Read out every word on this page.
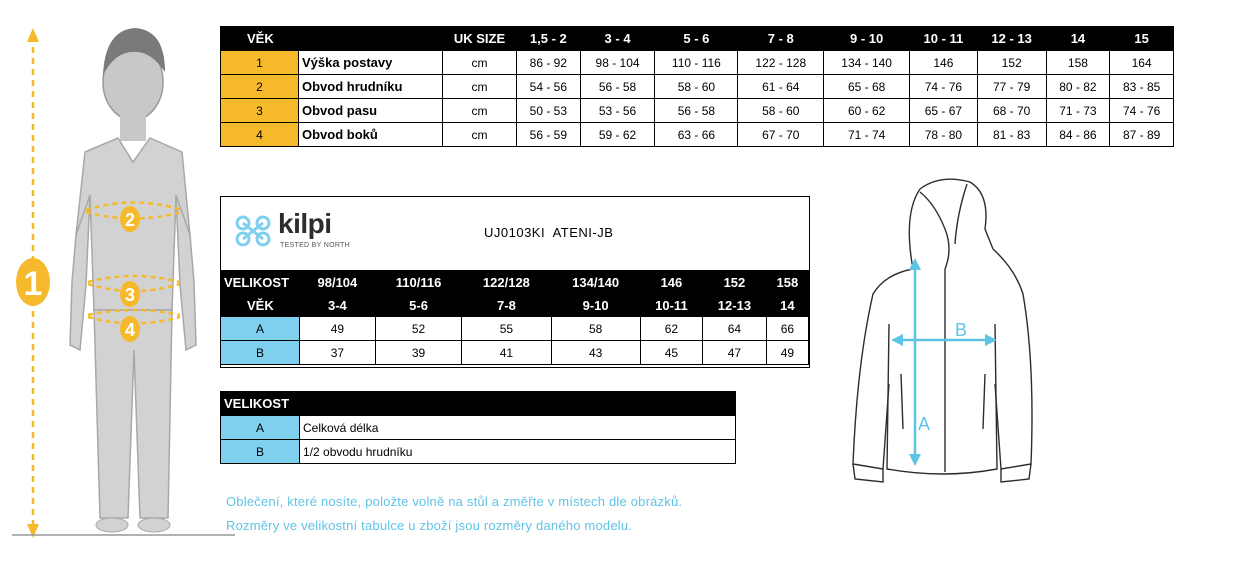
1
2
3
4
VĚK		UK SIZE	1,5 - 2	3 - 4	5 - 6	7 - 8	9 - 10	10 - 11	12 - 13	14	15
1	Výška postavy	cm	86 - 92	98 - 104	110 - 116	122 - 128	134 - 140	146	152	158	164
2	Obvod hrudníku	cm	54 - 56	56 - 58	58 - 60	61 - 64	65 - 68	74 - 76	77 - 79	80 - 82	83 - 85
3	Obvod pasu	cm	50 - 53	53 - 56	56 - 58	58 - 60	60 - 62	65 - 67	68 - 70	71 - 73	74 - 76
4	Obvod boků	cm	56 - 59	59 - 62	63 - 66	67 - 70	71 - 74	78 - 80	81 - 83	84 - 86	87 - 89
kilpi
TESTED BY NORTH
UJ0103KI  ATENI-JB
VELIKOST	98/104	110/116	122/128	134/140	146	152	158
VĚK	3-4	5-6	7-8	9-10	10-11	12-13	14
A	49	52	55	58	62	64	66
B	37	39	41	43	45	47	49
VELIKOST	
A	Celková délka
B	1/2 obvodu hrudníku
Oblečení, které nosíte, položte volně na stůl a změřte v místech dle obrázků.
Rozměry ve velikostní tabulce u zboží jsou rozměry daného modelu.
A
B
